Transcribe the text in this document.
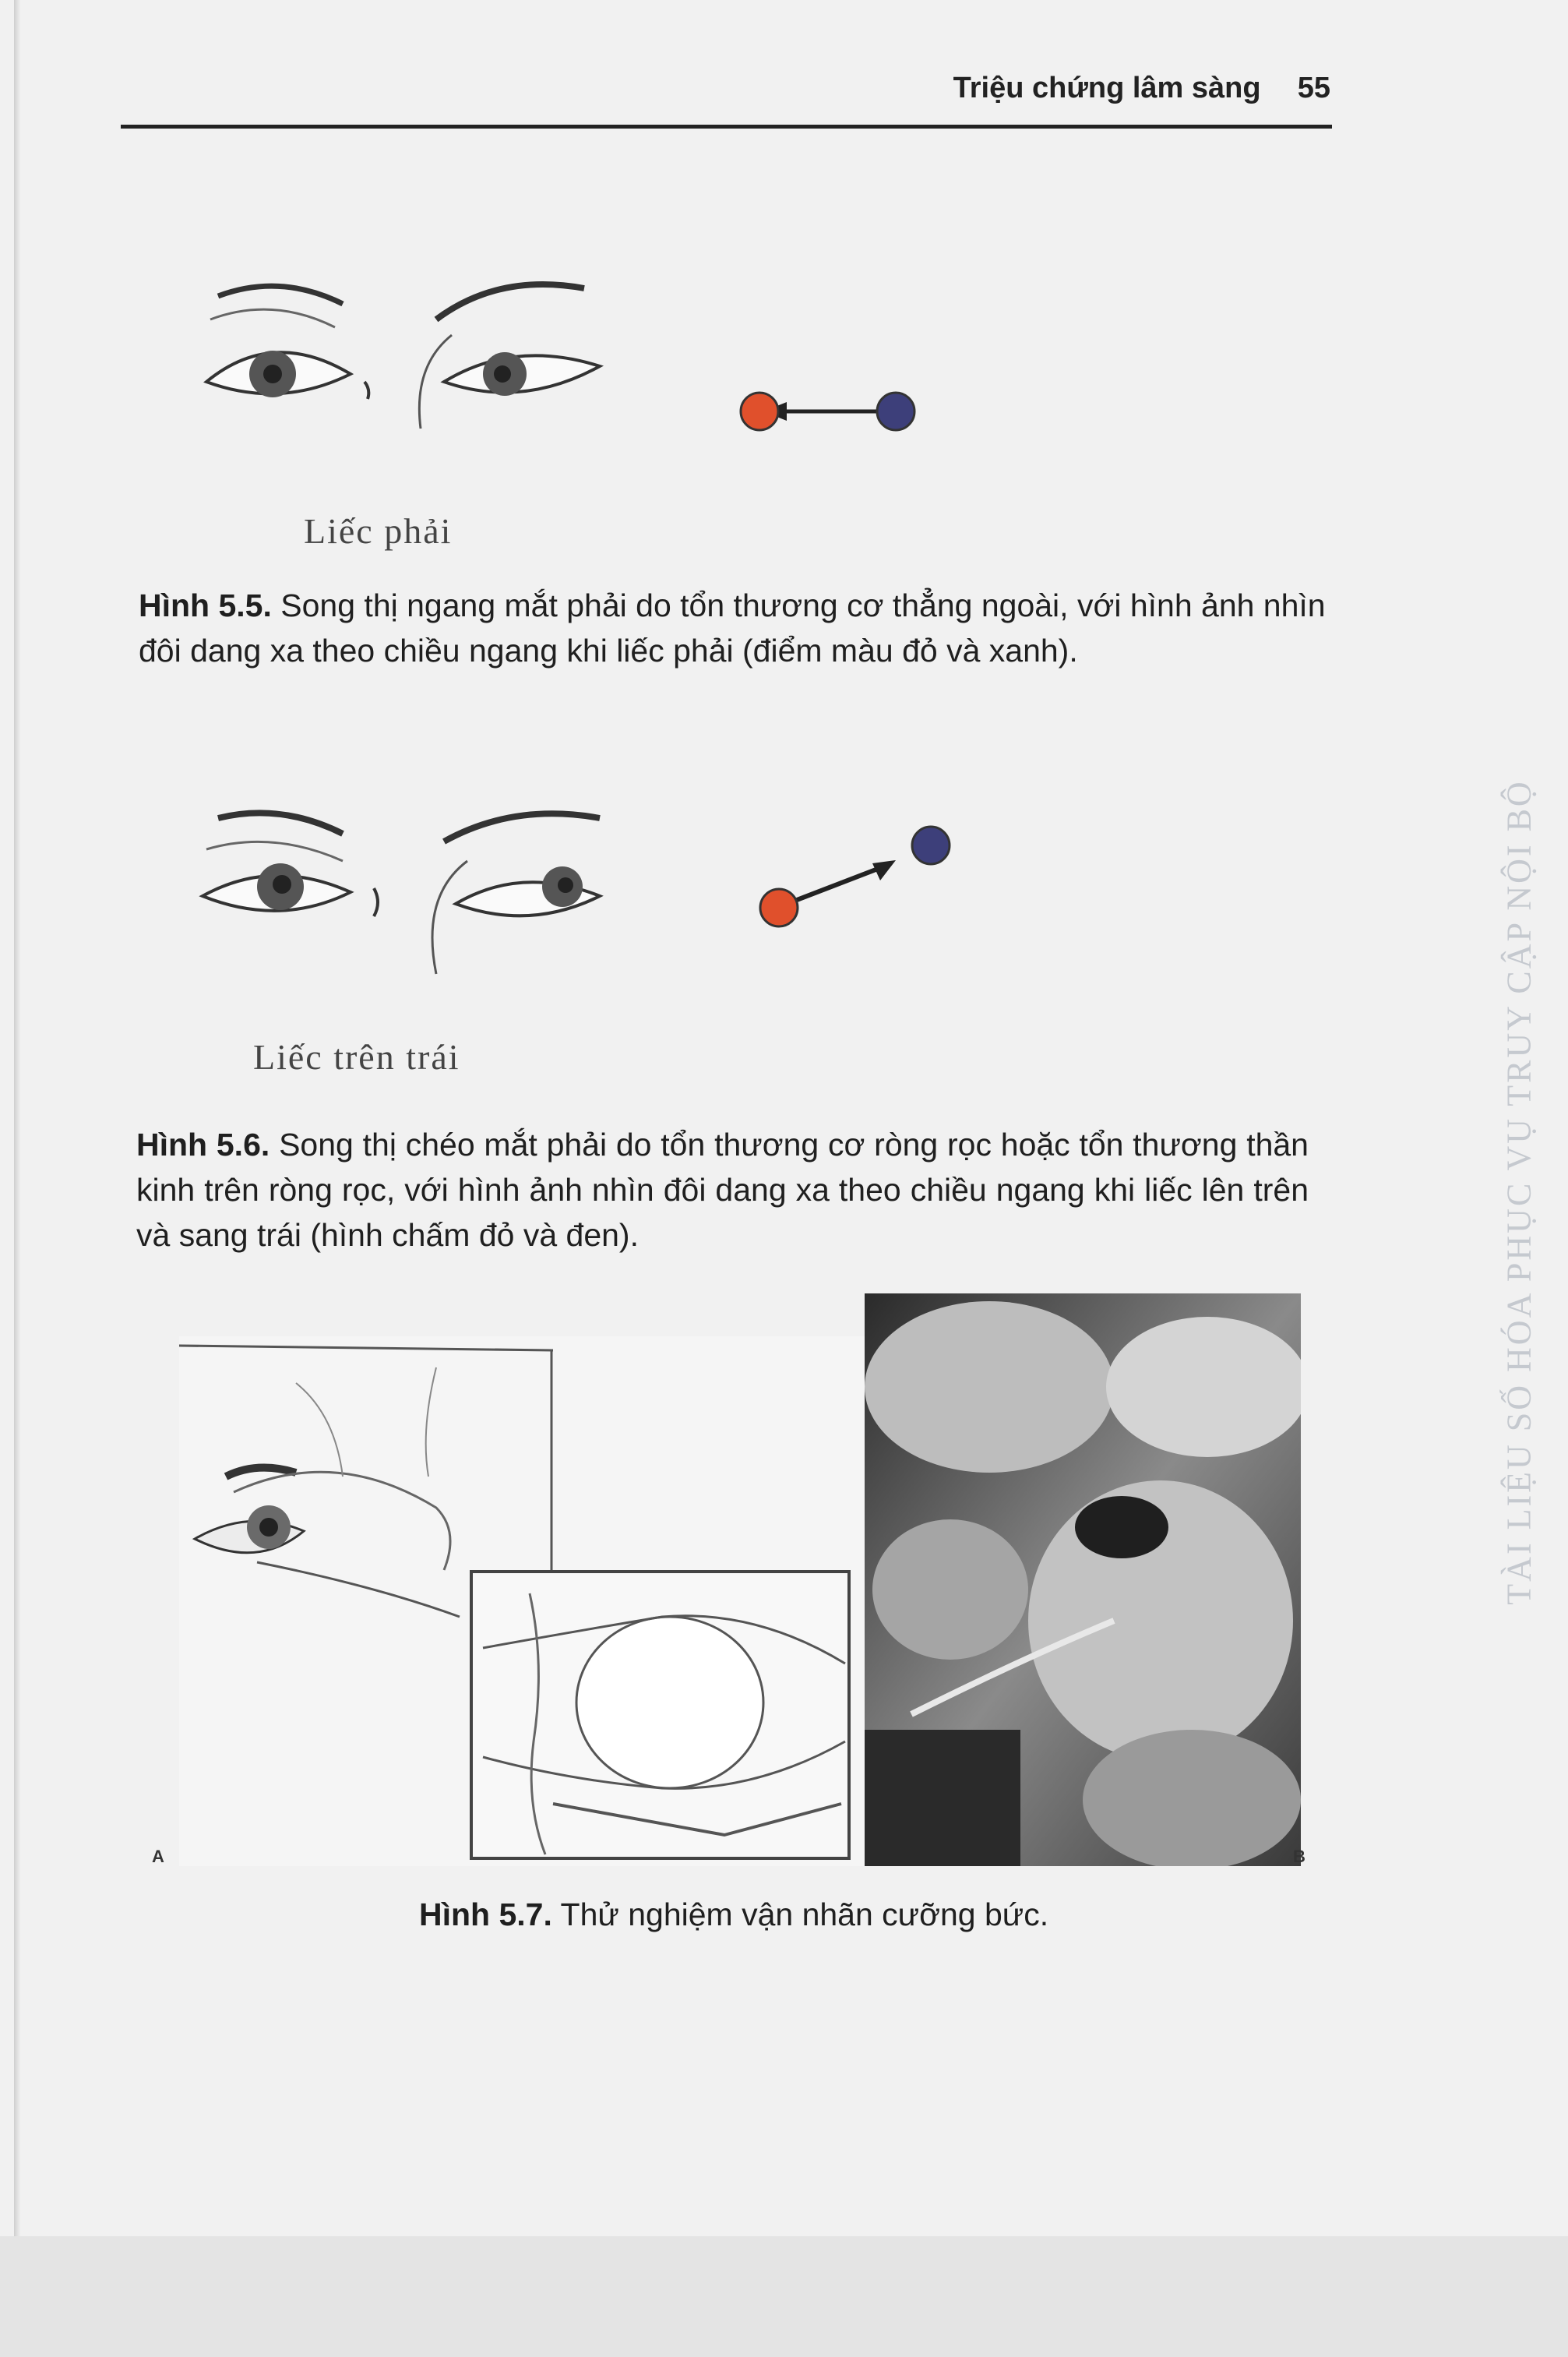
Triệu chứng lâm sàng 55
Liếc phải
Hình 5.5. Song thị ngang mắt phải do tổn thương cơ thẳng ngoài, với hình ảnh nhìn đôi dang xa theo chiều ngang khi liếc phải (điểm màu đỏ và xanh).
Liếc trên trái
Hình 5.6. Song thị chéo mắt phải do tổn thương cơ ròng rọc hoặc tổn thương thần kinh trên ròng rọc, với hình ảnh nhìn đôi dang xa theo chiều ngang khi liếc lên trên và sang trái (hình chấm đỏ và đen).
A	B
Hình 5.7. Thử nghiệm vận nhãn cưỡng bức.
TÀI LIỆU SỐ HÓA PHỤC VỤ TRUY CẬP NỘI BỘ
